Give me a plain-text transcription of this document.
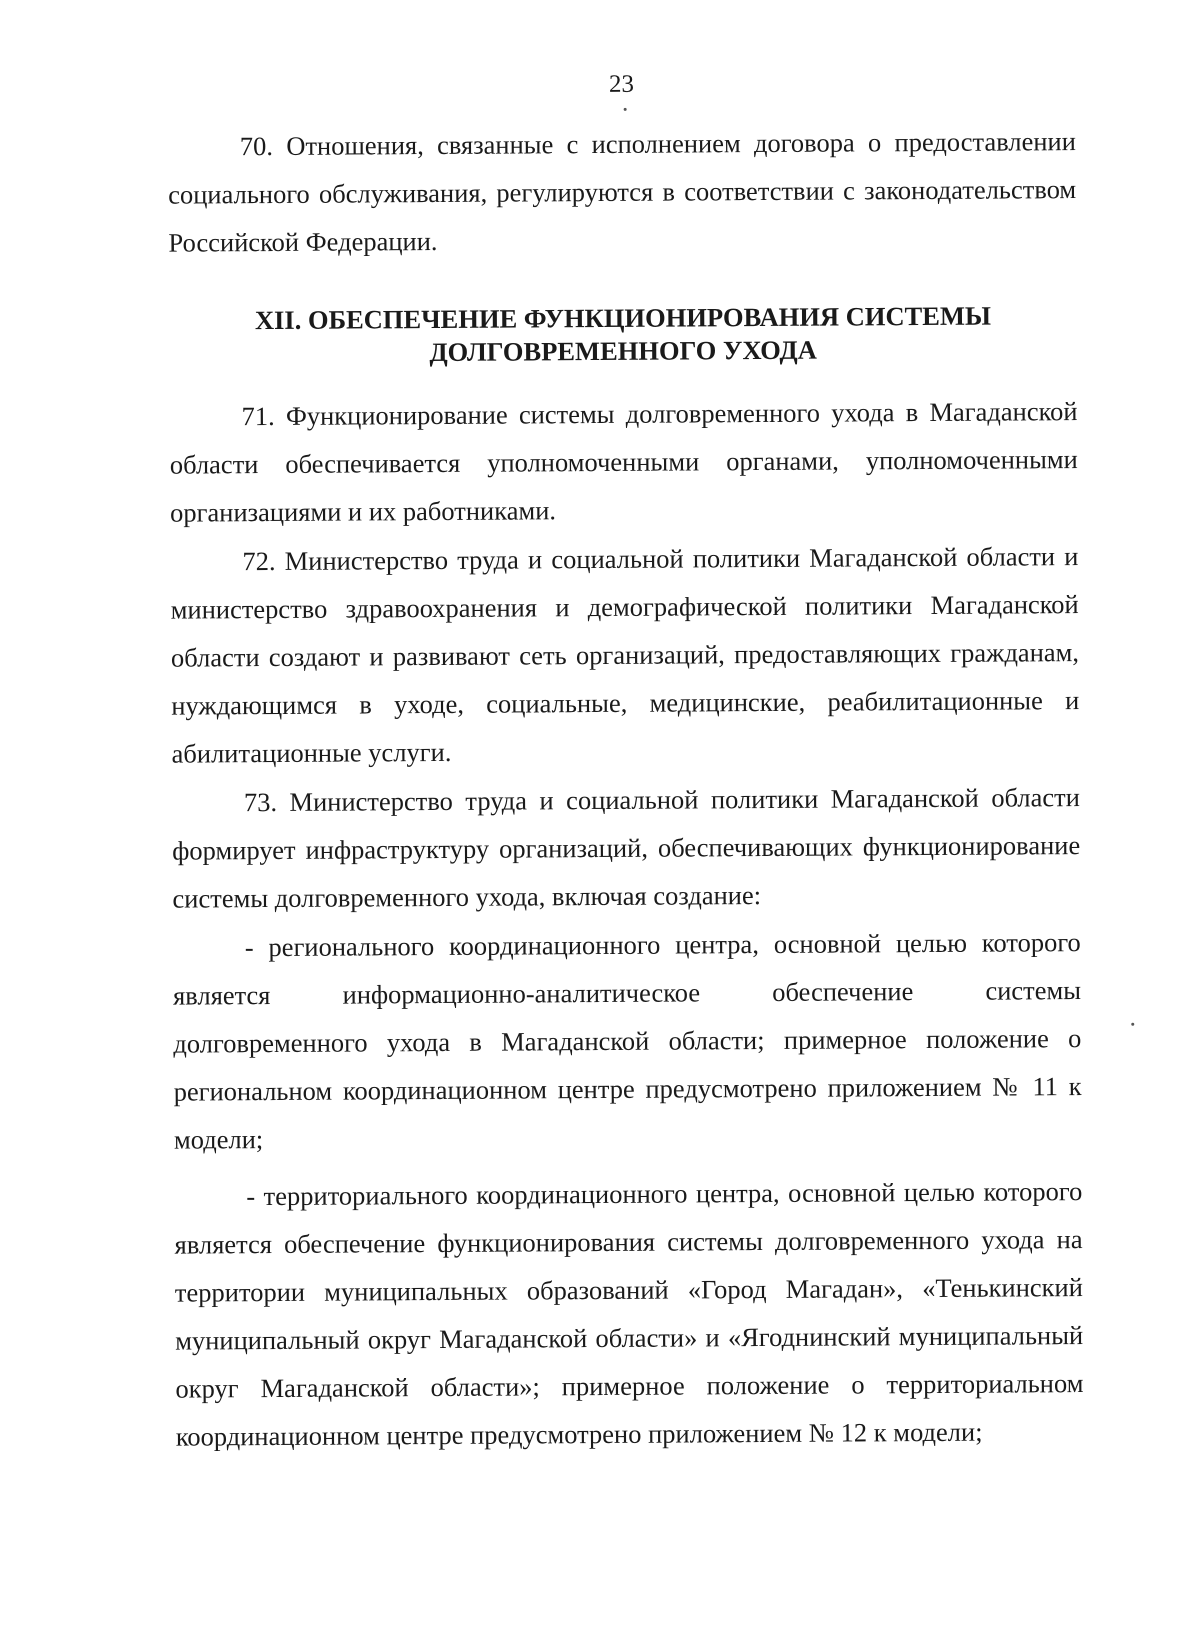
23

70. Отношения, связанные с исполнением договора о предоставлении социального обслуживания, регулируются в соответствии с законодательством Российской Федерации.

XII. ОБЕСПЕЧЕНИЕ ФУНКЦИОНИРОВАНИЯ СИСТЕМЫ
ДОЛГОВРЕМЕННОГО УХОДА

71. Функционирование системы долговременного ухода в Магаданской области обеспечивается уполномоченными органами, уполномоченными организациями и их работниками.

72. Министерство труда и социальной политики Магаданской области и министерство здравоохранения и демографической политики Магаданской области создают и развивают сеть организаций, предоставляющих гражданам, нуждающимся в уходе, социальные, медицинские, реабилитационные и абилитационные услуги.

73. Министерство труда и социальной политики Магаданской области формирует инфраструктуру организаций, обеспечивающих функционирование системы долговременного ухода, включая создание:

- регионального координационного центра, основной целью которого является информационно-аналитическое обеспечение системы долговременного ухода в Магаданской области; примерное положение о региональном координационном центре предусмотрено приложением № 11 к модели;

- территориального координационного центра, основной целью которого является обеспечение функционирования системы долговременного ухода на территории муниципальных образований «Город Магадан», «Тенькинский муниципальный округ Магаданской области» и «Ягоднинский муниципальный округ Магаданской области»; примерное положение о территориальном координационном центре предусмотрено приложением № 12 к модели;
